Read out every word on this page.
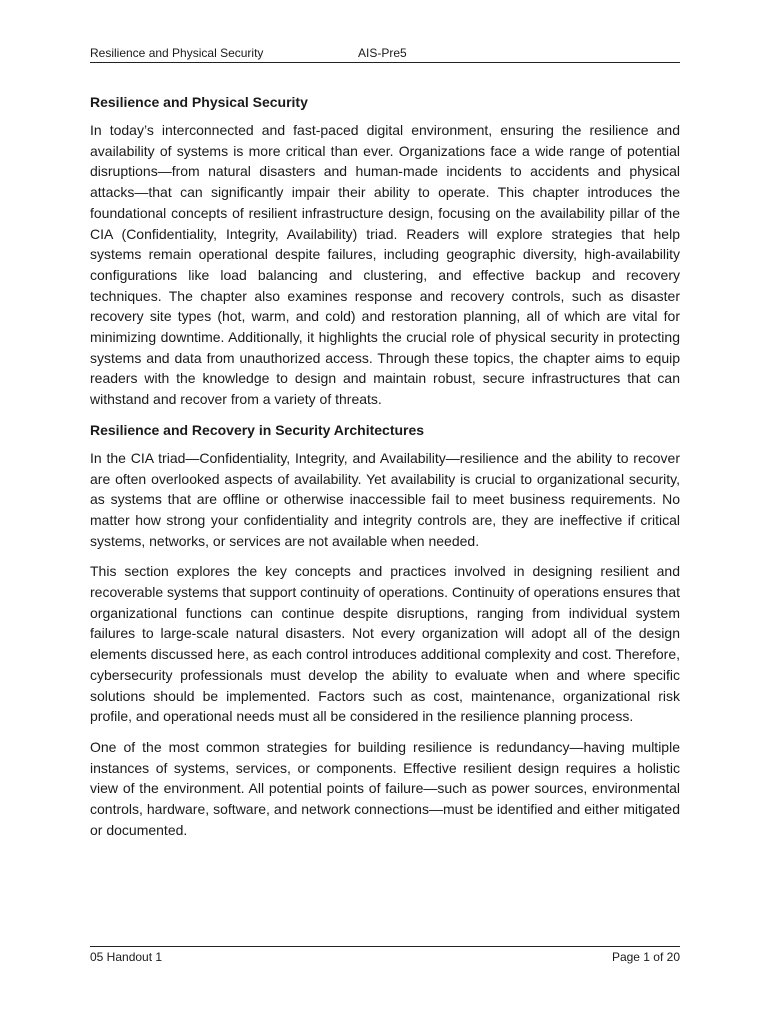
Resilience and Physical Security	AIS-Pre5
Resilience and Physical Security

In today’s interconnected and fast-paced digital environment, ensuring the resilience and availability of systems is more critical than ever. Organizations face a wide range of potential disruptions—from natural disasters and human-made incidents to accidents and physical attacks—that can significantly impair their ability to operate. This chapter introduces the foundational concepts of resilient infrastructure design, focusing on the availability pillar of the CIA (Confidentiality, Integrity, Availability) triad. Readers will explore strategies that help systems remain operational despite failures, including geographic diversity, high-availability configurations like load balancing and clustering, and effective backup and recovery techniques. The chapter also examines response and recovery controls, such as disaster recovery site types (hot, warm, and cold) and restoration planning, all of which are vital for minimizing downtime. Additionally, it highlights the crucial role of physical security in protecting systems and data from unauthorized access. Through these topics, the chapter aims to equip readers with the knowledge to design and maintain robust, secure infrastructures that can withstand and recover from a variety of threats.

Resilience and Recovery in Security Architectures

In the CIA triad—Confidentiality, Integrity, and Availability—resilience and the ability to recover are often overlooked aspects of availability. Yet availability is crucial to organizational security, as systems that are offline or otherwise inaccessible fail to meet business requirements. No matter how strong your confidentiality and integrity controls are, they are ineffective if critical systems, networks, or services are not available when needed.

This section explores the key concepts and practices involved in designing resilient and recoverable systems that support continuity of operations. Continuity of operations ensures that organizational functions can continue despite disruptions, ranging from individual system failures to large-scale natural disasters. Not every organization will adopt all of the design elements discussed here, as each control introduces additional complexity and cost. Therefore, cybersecurity professionals must develop the ability to evaluate when and where specific solutions should be implemented. Factors such as cost, maintenance, organizational risk profile, and operational needs must all be considered in the resilience planning process.

One of the most common strategies for building resilience is redundancy—having multiple instances of systems, services, or components. Effective resilient design requires a holistic view of the environment. All potential points of failure—such as power sources, environmental controls, hardware, software, and network connections—must be identified and either mitigated or documented.

05 Handout 1	Page 1 of 20
